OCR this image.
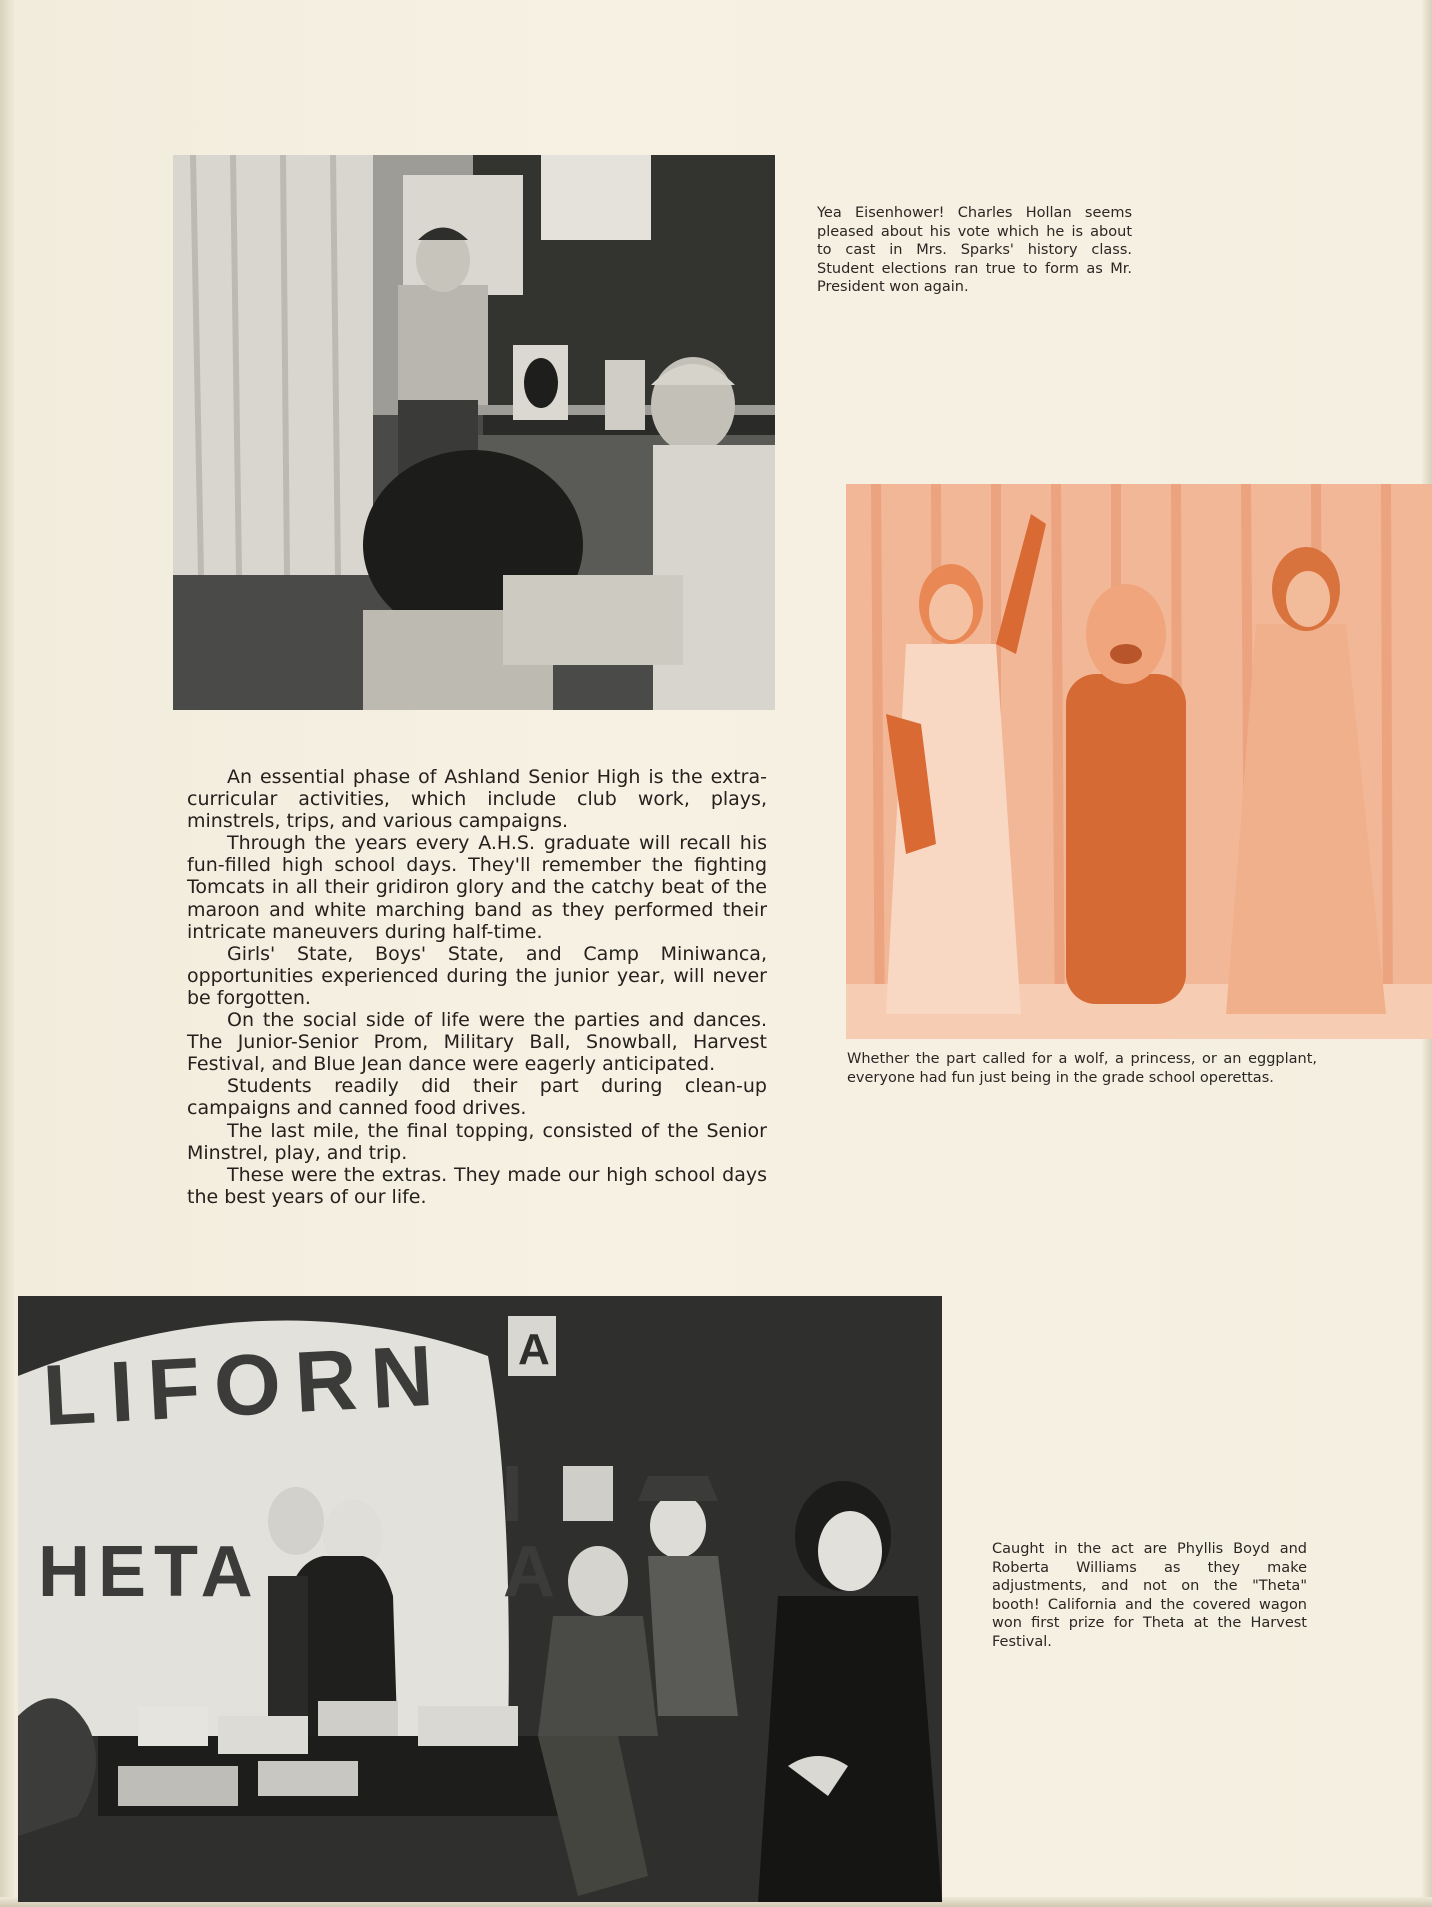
Yea Eisenhower! Charles Hollan seems pleased about his vote which he is about to cast in Mrs. Sparks' history class. Student elections ran true to form as Mr. President won again.

Whether the part called for a wolf, a princess, or an eggplant, everyone had fun just being in the grade school operettas.

An essential phase of Ashland Senior High is the extra-curricular activities, which include club work, plays, minstrels, trips, and various campaigns.

Through the years every A.H.S. graduate will recall his fun-filled high school days. They'll remember the fighting Tomcats in all their gridiron glory and the catchy beat of the maroon and white marching band as they performed their intricate maneuvers during half-time.

Girls' State, Boys' State, and Camp Miniwanca, opportunities experienced during the junior year, will never be forgotten.

On the social side of life were the parties and dances. The Junior-Senior Prom, Military Ball, Snowball, Harvest Festival, and Blue Jean dance were eagerly anticipated.

Students readily did their part during clean-up campaigns and canned food drives.

The last mile, the final topping, consisted of the Senior Minstrel, play, and trip.

These were the extras. They made our high school days the best years of our life.

LIFORN
I
HETA	A
A

Caught in the act are Phyllis Boyd and Roberta Williams as they make adjustments, and not on the "Theta" booth! California and the covered wagon won first prize for Theta at the Harvest Festival.
